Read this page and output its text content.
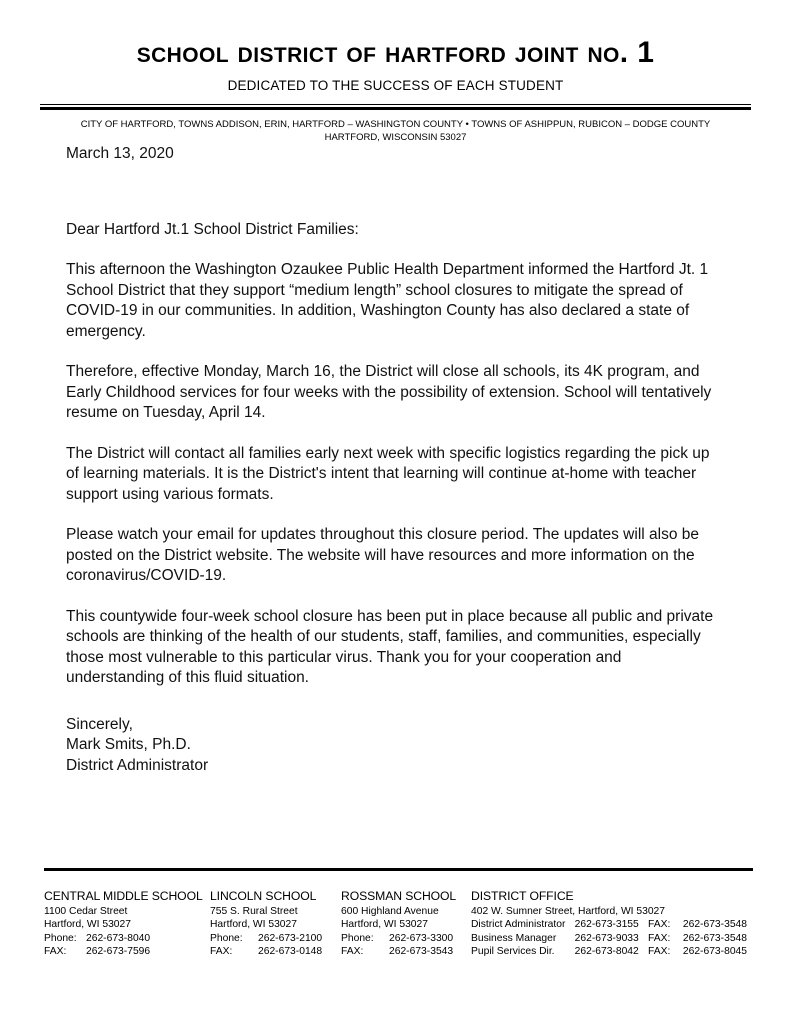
school district of hartford joint no. 1
DEDICATED TO THE SUCCESS OF EACH STUDENT
CITY OF HARTFORD, TOWNS ADDISON, ERIN, HARTFORD – WASHINGTON COUNTY • TOWNS OF ASHIPPUN, RUBICON – DODGE COUNTY
HARTFORD, WISCONSIN 53027
March 13, 2020
Dear Hartford Jt.1 School District Families:

This afternoon the Washington Ozaukee Public Health Department informed the Hartford Jt. 1 School District that they support “medium length” school closures to mitigate the spread of COVID-19 in our communities. In addition, Washington County has also declared a state of emergency.

Therefore, effective Monday, March 16, the District will close all schools, its 4K program, and Early Childhood services for four weeks with the possibility of extension. School will tentatively resume on Tuesday, April 14.

The District will contact all families early next week with specific logistics regarding the pick up of learning materials. It is the District's intent that learning will continue at-home with teacher support using various formats.

Please watch your email for updates throughout this closure period. The updates will also be posted on the District website. The website will have resources and more information on the coronavirus/COVID-19.

This countywide four-week school closure has been put in place because all public and private schools are thinking of the health of our students, staff, families, and communities, especially those most vulnerable to this particular virus. Thank you for your cooperation and understanding of this fluid situation.

Sincerely,
Mark Smits, Ph.D.
District Administrator
CENTRAL MIDDLE SCHOOL
1100 Cedar Street
Hartford, WI 53027
Phone: 262-673-8040
FAX: 262-673-7596
LINCOLN SCHOOL
755 S. Rural Street
Hartford, WI 53027
Phone: 262-673-2100
FAX: 262-673-0148
ROSSMAN SCHOOL
600 Highland Avenue
Hartford, WI 53027
Phone: 262-673-3300
FAX: 262-673-3543
DISTRICT OFFICE
402 W. Sumner Street, Hartford, WI 53027
District Administrator 262-673-3155 FAX:	262-673-3548
Business Manager	262-673-9033 FAX:	262-673-3548
Pupil Services Dir.	262-673-8042 FAX:	262-673-8045
